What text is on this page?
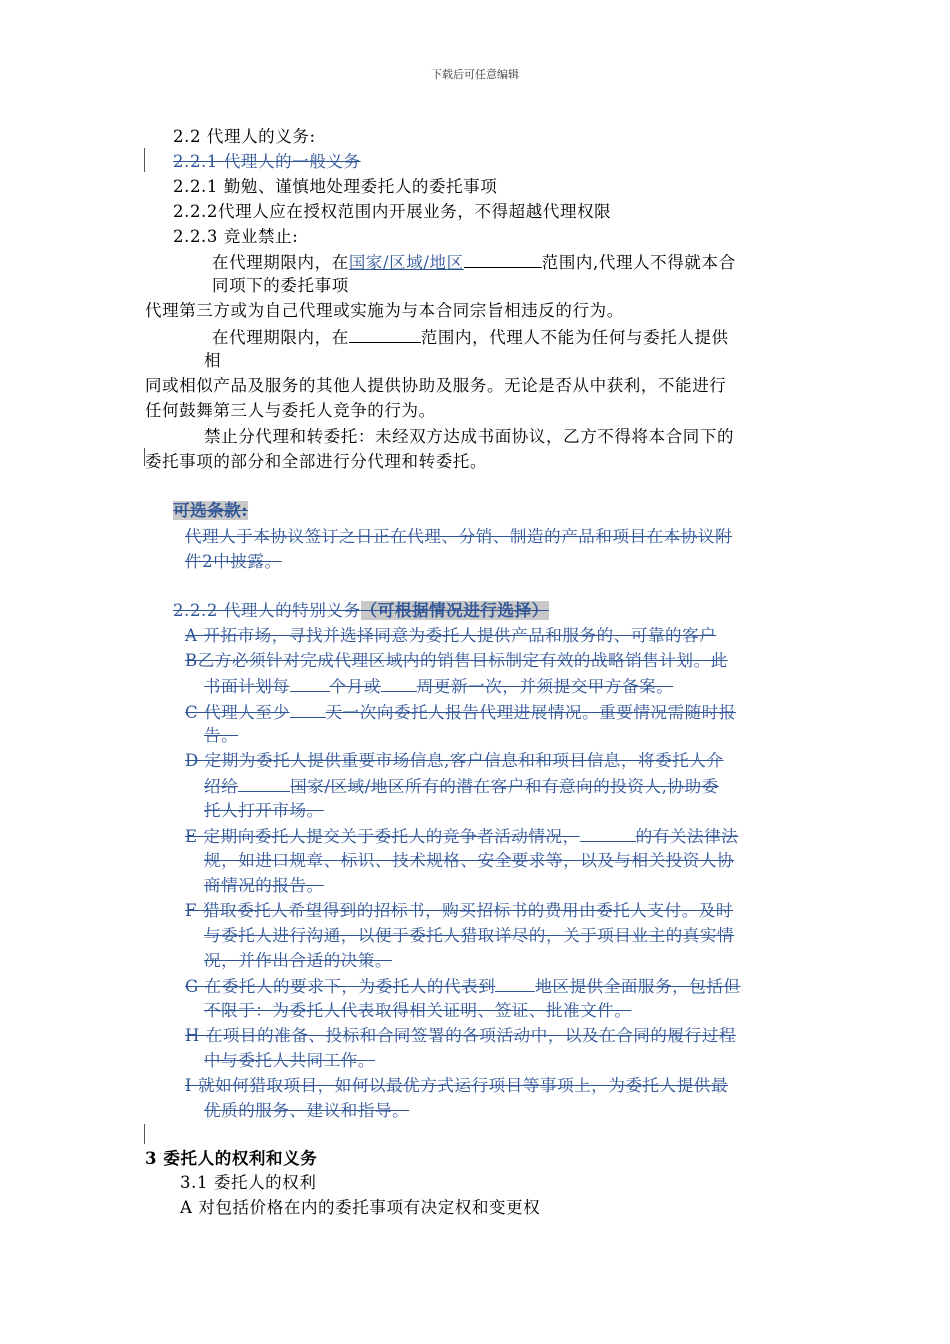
下载后可任意编辑
2.2 代理人的义务:
2.2.1 代理人的一般义务
2.2.1 勤勉、谨慎地处理委托人的委托事项
2.2.2代理人应在授权范围内开展业务，不得超越代理权限
2.2.3 竞业禁止:
在代理期限内，在国家/区域/地区	范围内,代理人不得就本合
同项下的委托事项
代理第三方或为自己代理或实施为与本合同宗旨相违反的行为。
在代理期限内，在	范围内，代理人不能为任何与委托人提供
相
同或相似产品及服务的其他人提供协助及服务。无论是否从中获利，不能进行
任何鼓舞第三人与委托人竞争的行为。
禁止分代理和转委托：未经双方达成书面协议，乙方不得将本合同下的
委托事项的部分和全部进行分代理和转委托。
可选条款:
代理人于本协议签订之日正在代理、分销、制造的产品和项目在本协议附
件2中披露。
2.2.2 代理人的特别义务（可根据情况进行选择）
A 开拓市场，寻找并选择同意为委托人提供产品和服务的、可靠的客户
B乙方必须针对完成代理区域内的销售目标制定有效的战略销售计划。此
书面计划每 个月或 周更新一次，并须提交甲方备案。
C 代理人至少 天一次向委托人报告代理进展情况。重要情况需随时报
告。
D 定期为委托人提供重要市场信息,客户信息和和项目信息，将委托人介
绍给	国家/区域/地区所有的潜在客户和有意向的投资人,协助委
托人打开市场。
E 定期向委托人提交关于委托人的竞争者活动情况，	的有关法律法
规，如进口规章、标识、技术规格、安全要求等，以及与相关投资人协
商情况的报告。
F 猎取委托人希望得到的招标书，购买招标书的费用由委托人支付。及时
与委托人进行沟通，以便于委托人猎取详尽的，关于项目业主的真实情
况，并作出合适的决策。
G 在委托人的要求下，为委托人的代表到 地区提供全面服务，包括但
不限于：为委托人代表取得相关证明、签证、批准文件。
H 在项目的准备、投标和合同签署的各项活动中，以及在合同的履行过程
中与委托人共同工作。
I 就如何猎取项目，如何以最优方式运行项目等事项上，为委托人提供最
优质的服务、建议和指导。
3 委托人的权利和义务
3.1 委托人的权利
A 对包括价格在内的委托事项有决定权和变更权
